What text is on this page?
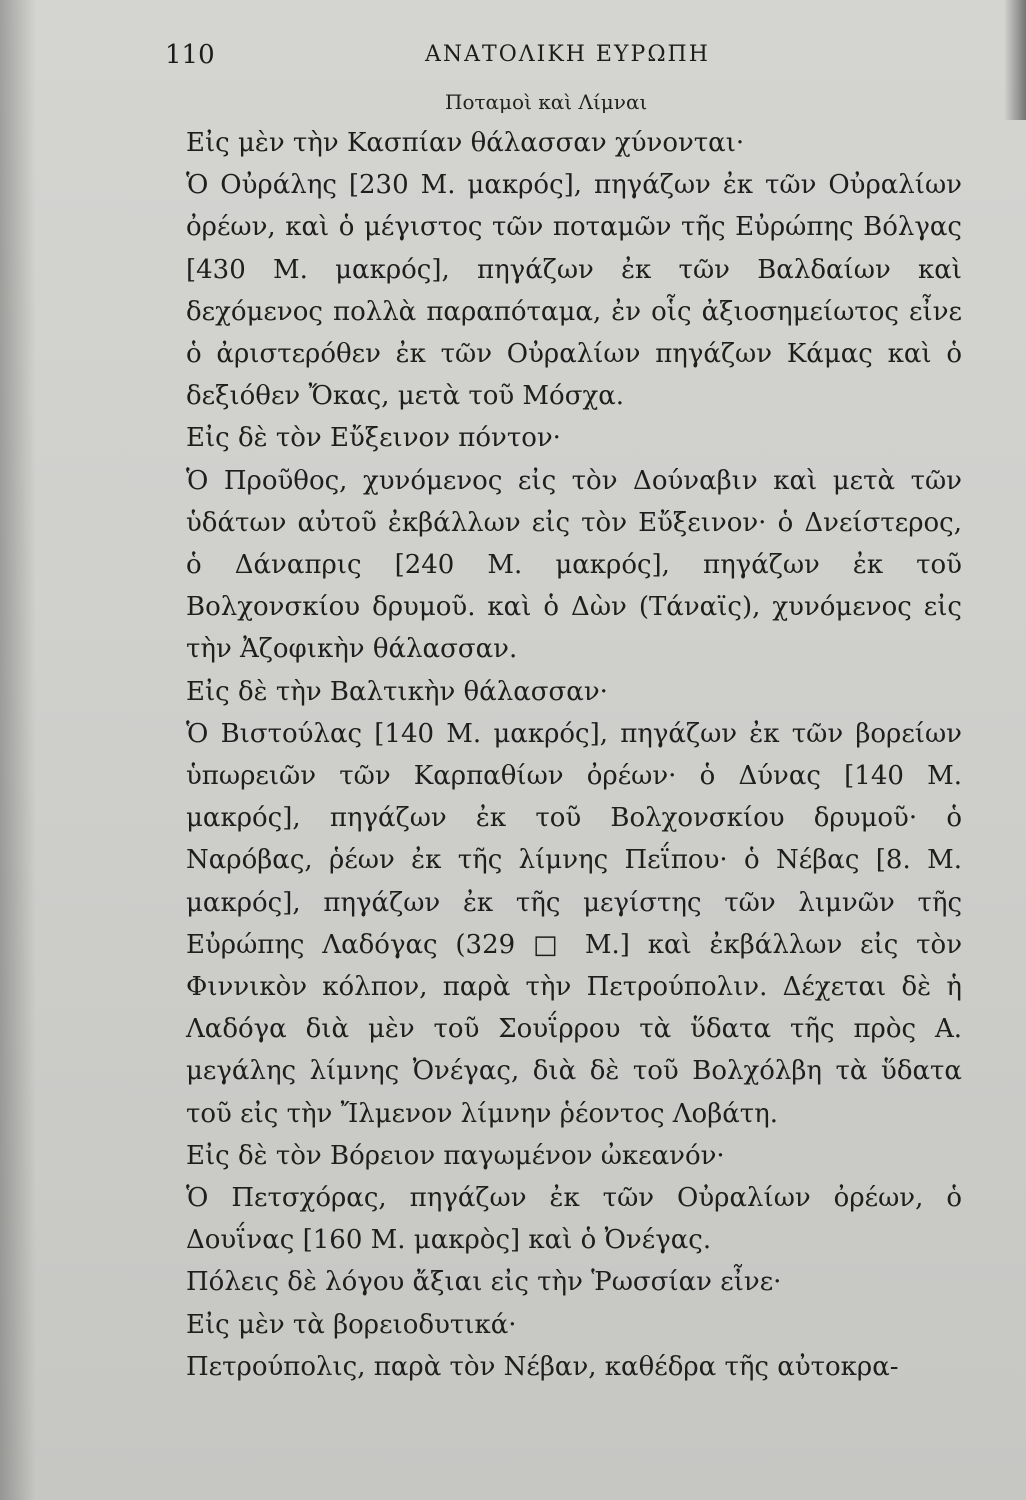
110	ΑΝΑΤΟΛΙΚΗ ΕΥΡΩΠΗ
Ποταμοὶ καὶ Λίμναι

Εἰς μὲν τὴν Κασπίαν θάλασσαν χύνονται·

Ὁ Οὐράλης [230 Μ. μακρός], πηγάζων ἐκ τῶν Οὐραλίων ὀρέων, καὶ ὁ μέγιστος τῶν ποταμῶν τῆς Εὐρώπης Βόλγας [430 Μ. μακρός], πηγάζων ἐκ τῶν Βαλδαίων καὶ δεχόμενος πολλὰ παραπόταμα, ἐν οἷς ἀξιοσημείωτος εἶνε ὁ ἀριστερόθεν ἐκ τῶν Οὐραλίων πηγάζων Κάμας καὶ ὁ δεξιόθεν Ὄκας, μετὰ τοῦ Μόσχα.

Εἰς δὲ τὸν Εὔξεινον πόντον·

Ὁ Προῦθος, χυνόμενος εἰς τὸν Δούναβιν καὶ μετὰ τῶν ὑδάτων αὐτοῦ ἐκβάλλων εἰς τὸν Εὔξεινον· ὁ Δνείστερος, ὁ Δάναπρις [240 Μ. μακρός], πηγάζων ἐκ τοῦ Βολχονσκίου δρυμοῦ. καὶ ὁ Δὼν (Τάναϊς), χυνόμενος εἰς τὴν Ἀζοφικὴν θάλασσαν.

Εἰς δὲ τὴν Βαλτικὴν θάλασσαν·

Ὁ Βιστούλας [140 Μ. μακρός], πηγάζων ἐκ τῶν βορείων ὑπωρειῶν τῶν Καρπαθίων ὀρέων· ὁ Δύνας [140 Μ. μακρός], πηγάζων ἐκ τοῦ Βολχονσκίου δρυμοῦ· ὁ Ναρόβας, ῥέων ἐκ τῆς λίμνης Πεΐπου· ὁ Νέβας [8. Μ. μακρός], πηγάζων ἐκ τῆς μεγίστης τῶν λιμνῶν τῆς Εὐρώπης Λαδόγας (329 □ Μ.] καὶ ἐκβάλλων εἰς τὸν Φιννικὸν κόλπον, παρὰ τὴν Πετρούπολιν. Δέχεται δὲ ἡ Λαδόγα διὰ μὲν τοῦ Σουΐρρου τὰ ὕδατα τῆς πρὸς Α. μεγάλης λίμνης Ὀνέγας, διὰ δὲ τοῦ Βολχόλβη τὰ ὕδατα τοῦ εἰς τὴν Ἴλμενον λίμνην ῥέοντος Λοβάτη.

Εἰς δὲ τὸν Βόρειον παγωμένον ὠκεανόν·

Ὁ Πετσχόρας, πηγάζων ἐκ τῶν Οὐραλίων ὀρέων, ὁ Δουΐνας [160 Μ. μακρὸς] καὶ ὁ Ὀνέγας.

Πόλεις δὲ λόγου ἄξιαι εἰς τὴν Ῥωσσίαν εἶνε·

Εἰς μὲν τὰ βορειοδυτικά·

Πετρούπολις, παρὰ τὸν Νέβαν, καθέδρα τῆς αὐτοκρα-
